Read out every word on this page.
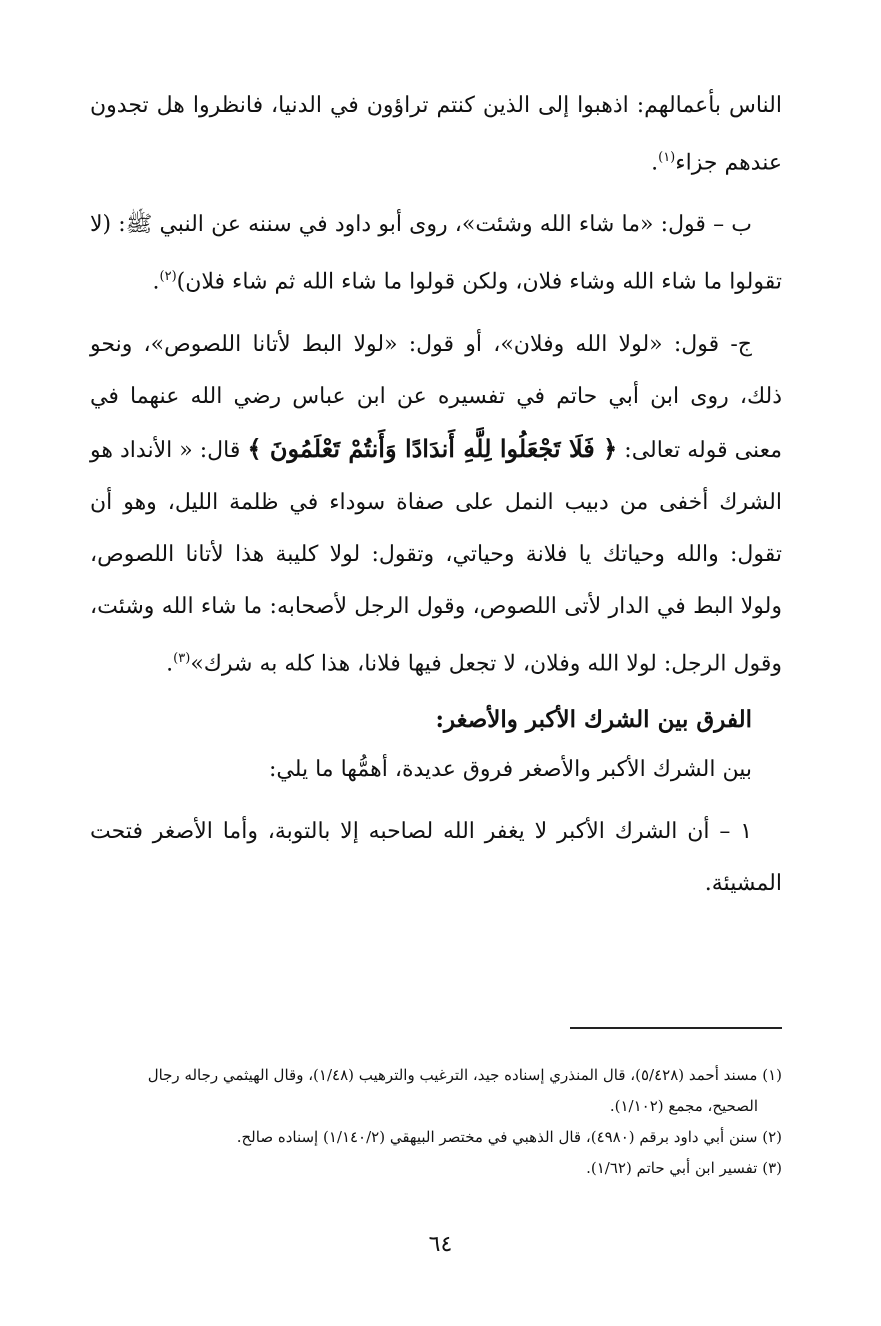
الناس بأعمالهم: اذهبوا إلى الذين كنتم تراؤون في الدنيا، فانظروا هل تجدون عندهم جزاء$^{(١)}$.

ب – قول: «ما شاء الله وشئت»، روى أبو داود في سننه عن النبي ﷺ: (لا تقولوا ما شاء الله وشاء فلان، ولكن قولوا ما شاء الله ثم شاء فلان)$^{(٢)}$.

ج- قول: «لولا الله وفلان»، أو قول: «لولا البط لأتانا اللصوص»، ونحو ذلك، روى ابن أبي حاتم في تفسيره عن ابن عباس رضي الله عنهما في معنى قوله تعالى: ﴿ فَلَا تَجْعَلُوا لِلَّهِ أَندَادًا وَأَنتُمْ تَعْلَمُونَ ﴾ قال: « الأنداد هو الشرك أخفى من دبيب النمل على صفاة سوداء في ظلمة الليل، وهو أن تقول: والله وحياتك يا فلانة وحياتي، وتقول: لولا كليبة هذا لأتانا اللصوص، ولولا البط في الدار لأتى اللصوص، وقول الرجل لأصحابه: ما شاء الله وشئت، وقول الرجل: لولا الله وفلان، لا تجعل فيها فلانا، هذا كله به شرك»$^{(٣)}$.

الفرق بين الشرك الأكبر والأصغر:

بين الشرك الأكبر والأصغر فروق عديدة، أهمُّها ما يلي:

١ – أن الشرك الأكبر لا يغفر الله لصاحبه إلا بالتوبة، وأما الأصغر فتحت المشيئة.

(١) مسند أحمد (٥/٤٢٨)، قال المنذري إسناده جيد، الترغيب والترهيب (١/٤٨)، وقال الهيثمي رجاله رجال

الصحيح، مجمع (١/١٠٢).

(٢) سنن أبي داود برقم (٤٩٨٠)، قال الذهبي في مختصر البيهقي (١/١٤٠/٢) إسناده صالح.

(٣) تفسير ابن أبي حاتم (١/٦٢).

٦٤
